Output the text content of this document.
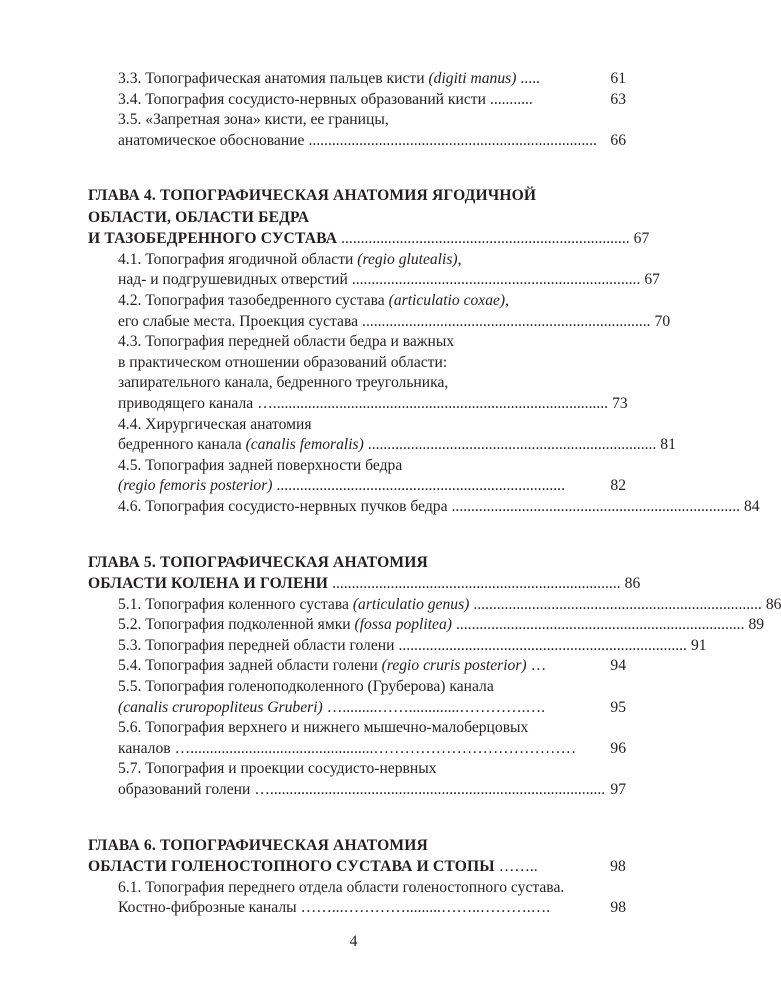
3.3. Топографическая анатомия пальцев кисти (digiti manus) .....	61
3.4. Топография сосудисто-нервных образований кисти ...........	63
3.5. «Запретная зона» кисти, ее границы,
анатомическое обоснование .......................................................................... 66
ГЛАВА 4. ТОПОГРАФИЧЕСКАЯ АНАТОМИЯ ЯГОДИЧНОЙ
ОБЛАСТИ, ОБЛАСТИ БЕДРА
И ТАЗОБЕДРЕННОГО СУСТАВА .......................................................................... 67
4.1. Топография ягодичной области (regio glutealis),
над- и подгрушевидных отверстий .......................................................................... 67
4.2. Топография тазобедренного сустава (articulatio coxae),
его слабые места. Проекция сустава .......................................................................... 70
4.3. Топография передней области бедра и важных
в практическом отношении образований области:
запирательного канала, бедренного треугольника,
приводящего канала …...................................................................................... 73
4.4. Хирургическая анатомия
бедренного канала (canalis femoralis) .......................................................................... 81
4.5. Топография задней поверхности бедра
(regio femoris posterior) ..........................................................................	82
4.6. Топография сосудисто-нервных пучков бедра .......................................................................... 84
ГЛАВА 5. ТОПОГРАФИЧЕСКАЯ АНАТОМИЯ
ОБЛАСТИ КОЛЕНА И ГОЛЕНИ .......................................................................... 86
5.1. Топография коленного сустава (articulatio genus) .......................................................................... 86
5.2. Топография подколенной ямки (fossa poplitea) .......................................................................... 89
5.3. Топография передней области голени .......................................................................... 91
5.4. Топография задней области голени (regio cruris posterior) …	94
5.5. Топография голеноподколенного (Груберова) канала
(canalis cruropopliteus Gruberi) ….........…….............………….….	95
5.6. Топография верхнего и нижнего мышечно-малоберцовых
каналов …...............................................…………………………………	96
5.7. Топография и проекции сосудисто-нервных
образований голени …...................................................................................... 97
ГЛАВА 6. ТОПОГРАФИЧЕСКАЯ АНАТОМИЯ
ОБЛАСТИ ГОЛЕНОСТОПНОГО СУСТАВА И СТОПЫ ……..	98
6.1. Топография переднего отдела области голеностопного сустава.
Костно-фиброзные каналы ……...………….........……..……….….	98
4
